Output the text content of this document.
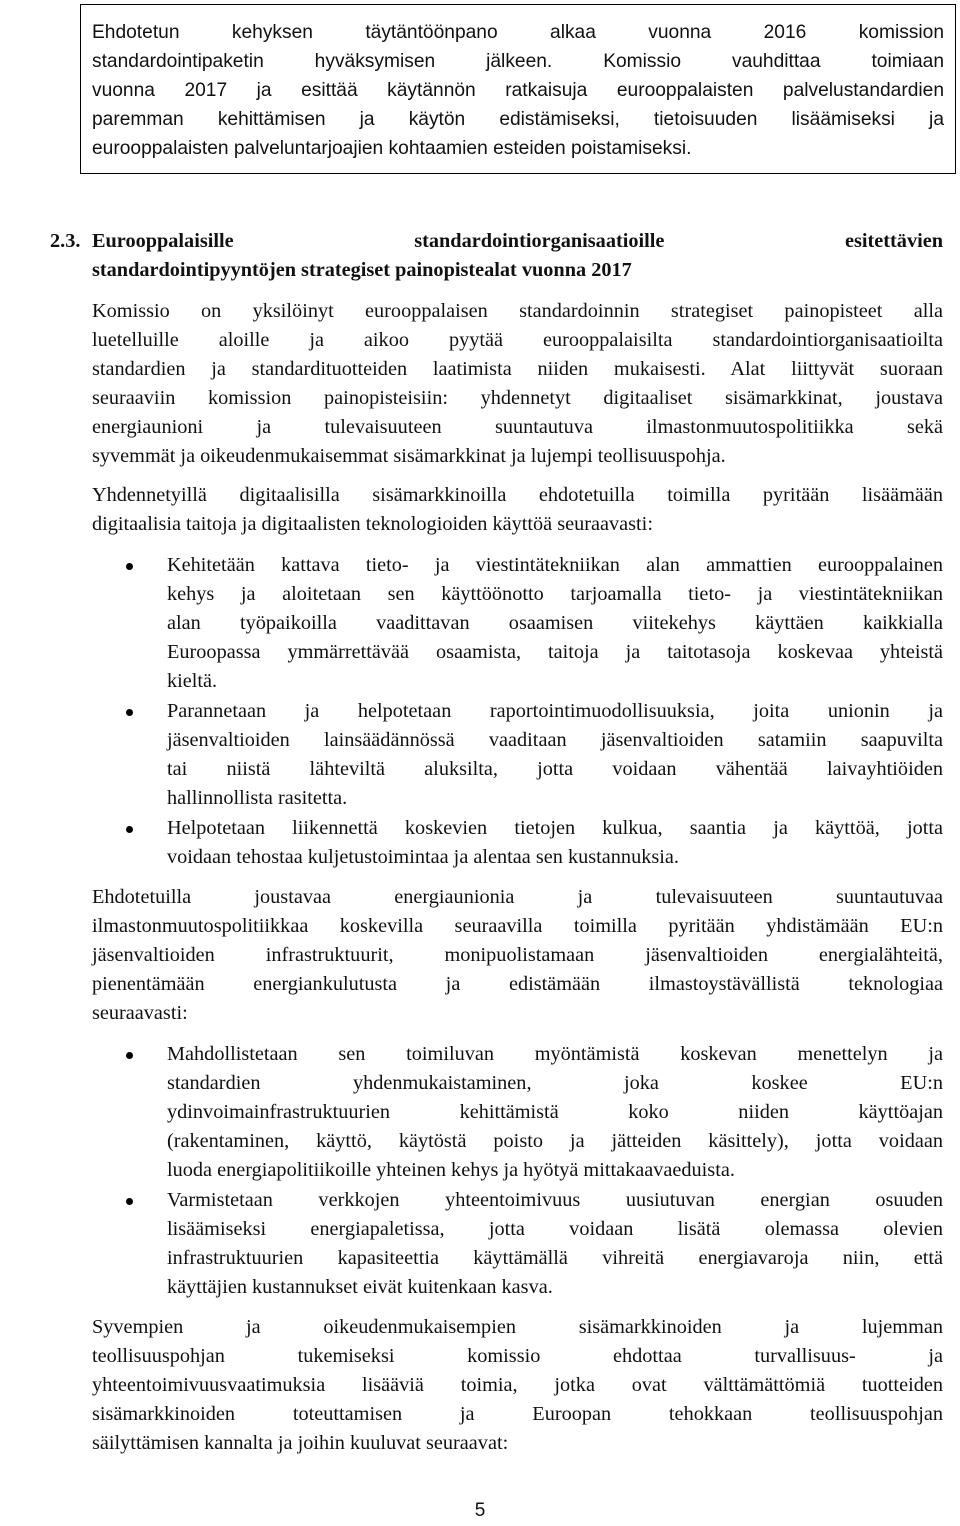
Ehdotetun kehyksen täytäntöönpano alkaa vuonna 2016 komission
standardointipaketin hyväksymisen jälkeen. Komissio vauhdittaa toimiaan
vuonna 2017 ja esittää käytännön ratkaisuja eurooppalaisten palvelustandardien
paremman kehittämisen ja käytön edistämiseksi, tietoisuuden lisäämiseksi ja
eurooppalaisten palveluntarjoajien kohtaamien esteiden poistamiseksi.
2.3. Eurooppalaisille standardointiorganisaatioille esitettävien
standardointipyyntöjen strategiset painopistealat vuonna 2017
Komissio on yksilöinyt eurooppalaisen standardoinnin strategiset painopisteet alla
luetelluille aloille ja aikoo pyytää eurooppalaisilta standardointiorganisaatioilta
standardien ja standardituotteiden laatimista niiden mukaisesti. Alat liittyvät suoraan
seuraaviin komission painopisteisiin: yhdennetyt digitaaliset sisämarkkinat, joustava
energiaunioni ja tulevaisuuteen suuntautuva ilmastonmuutospolitiikka sekä
syvemmät ja oikeudenmukaisemmat sisämarkkinat ja lujempi teollisuuspohja.
Yhdennetyillä digitaalisilla sisämarkkinoilla ehdotetuilla toimilla pyritään lisäämään
digitaalisia taitoja ja digitaalisten teknologioiden käyttöä seuraavasti:
Kehitetään kattava tieto- ja viestintätekniikan alan ammattien eurooppalainen
kehys ja aloitetaan sen käyttöönotto tarjoamalla tieto- ja viestintätekniikan
alan työpaikoilla vaadittavan osaamisen viitekehys käyttäen kaikkialla
Euroopassa ymmärrettävää osaamista, taitoja ja taitotasoja koskevaa yhteistä
kieltä.
Parannetaan ja helpotetaan raportointimuodollisuuksia, joita unionin ja
jäsenvaltioiden lainsäädännössä vaaditaan jäsenvaltioiden satamiin saapuvilta
tai niistä lähteviltä aluksilta, jotta voidaan vähentää laivayhtiöiden
hallinnollista rasitetta.
Helpotetaan liikennettä koskevien tietojen kulkua, saantia ja käyttöä, jotta
voidaan tehostaa kuljetustoimintaa ja alentaa sen kustannuksia.
Ehdotetuilla joustavaa energiaunionia ja tulevaisuuteen suuntautuvaa
ilmastonmuutospolitiikkaa koskevilla seuraavilla toimilla pyritään yhdistämään EU:n
jäsenvaltioiden infrastruktuurit, monipuolistamaan jäsenvaltioiden energialähteitä,
pienentämään energiankulutusta ja edistämään ilmastoystävällistä teknologiaa
seuraavasti:
Mahdollistetaan sen toimiluvan myöntämistä koskevan menettelyn ja
standardien yhdenmukaistaminen, joka koskee EU:n
ydinvoimainfrastruktuurien kehittämistä koko niiden käyttöajan
(rakentaminen, käyttö, käytöstä poisto ja jätteiden käsittely), jotta voidaan
luoda energiapolitiikoille yhteinen kehys ja hyötyä mittakaavaeduista.
Varmistetaan verkkojen yhteentoimivuus uusiutuvan energian osuuden
lisäämiseksi energiapaletissa, jotta voidaan lisätä olemassa olevien
infrastruktuurien kapasiteettia käyttämällä vihreitä energiavaroja niin, että
käyttäjien kustannukset eivät kuitenkaan kasva.
Syvempien ja oikeudenmukaisempien sisämarkkinoiden ja lujemman
teollisuuspohjan tukemiseksi komissio ehdottaa turvallisuus- ja
yhteentoimivuusvaatimuksia lisääviä toimia, jotka ovat välttämättömiä tuotteiden
sisämarkkinoiden toteuttamisen ja Euroopan tehokkaan teollisuuspohjan
säilyttämisen kannalta ja joihin kuuluvat seuraavat:
5
